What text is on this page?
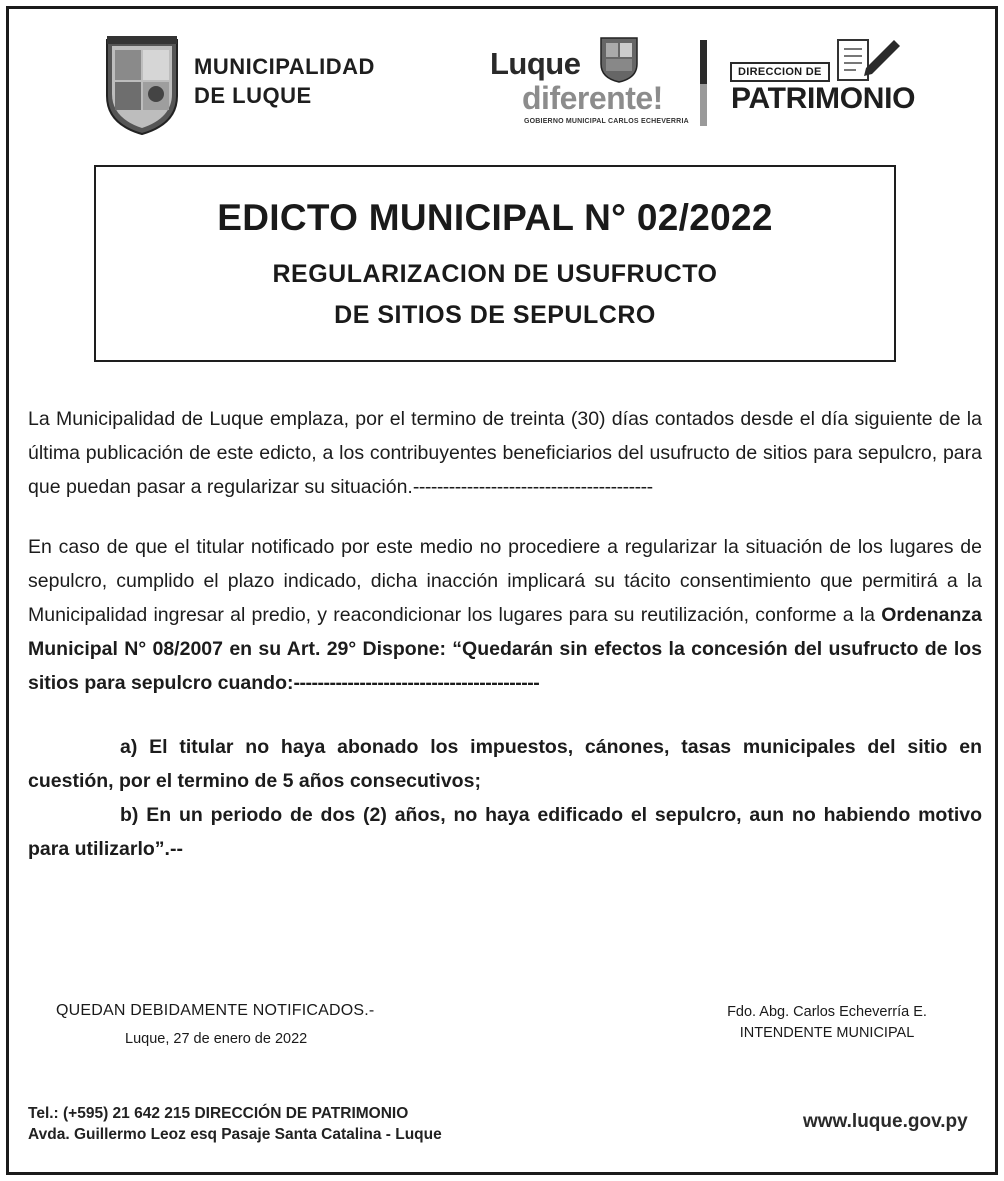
MUNICIPALIDAD
DE LUQUE
Luque
diferente!
GOBIERNO MUNICIPAL CARLOS ECHEVERRIA
DIRECCION DE
PATRIMONIO
EDICTO MUNICIPAL N° 02/2022
REGULARIZACION DE USUFRUCTO
DE SITIOS DE SEPULCRO
La Municipalidad de Luque emplaza, por el termino de treinta (30) días contados desde el día siguiente de la última publicación de este edicto, a los contribuyentes beneficiarios del usufructo de sitios para sepulcro, para que puedan pasar a regularizar su situación.----------------------------------------
En caso de que el titular notificado por este medio no procediere a regularizar la situación de los lugares de sepulcro, cumplido el plazo indicado, dicha inacción implicará su tácito consentimiento que permitirá a la Municipalidad ingresar al predio, y reacondicionar los lugares para su reutilización, conforme a la Ordenanza Municipal N° 08/2007 en su Art. 29° Dispone: “Quedarán sin efectos la concesión del usufructo de los sitios para sepulcro cuando:-----------------------------------------
a) El titular no haya abonado los impuestos, cánones, tasas municipales del sitio en cuestión, por el termino de 5 años consecutivos;
b) En un periodo de dos (2) años, no haya edificado el sepulcro, aun no habiendo motivo para utilizarlo”.--
QUEDAN DEBIDAMENTE NOTIFICADOS.-
Luque, 27 de enero de 2022
Fdo. Abg. Carlos Echeverría E.
INTENDENTE MUNICIPAL
Tel.: (+595) 21 642 215 DIRECCIÓN DE PATRIMONIO
Avda. Guillermo Leoz esq Pasaje Santa Catalina - Luque
www.luque.gov.py
